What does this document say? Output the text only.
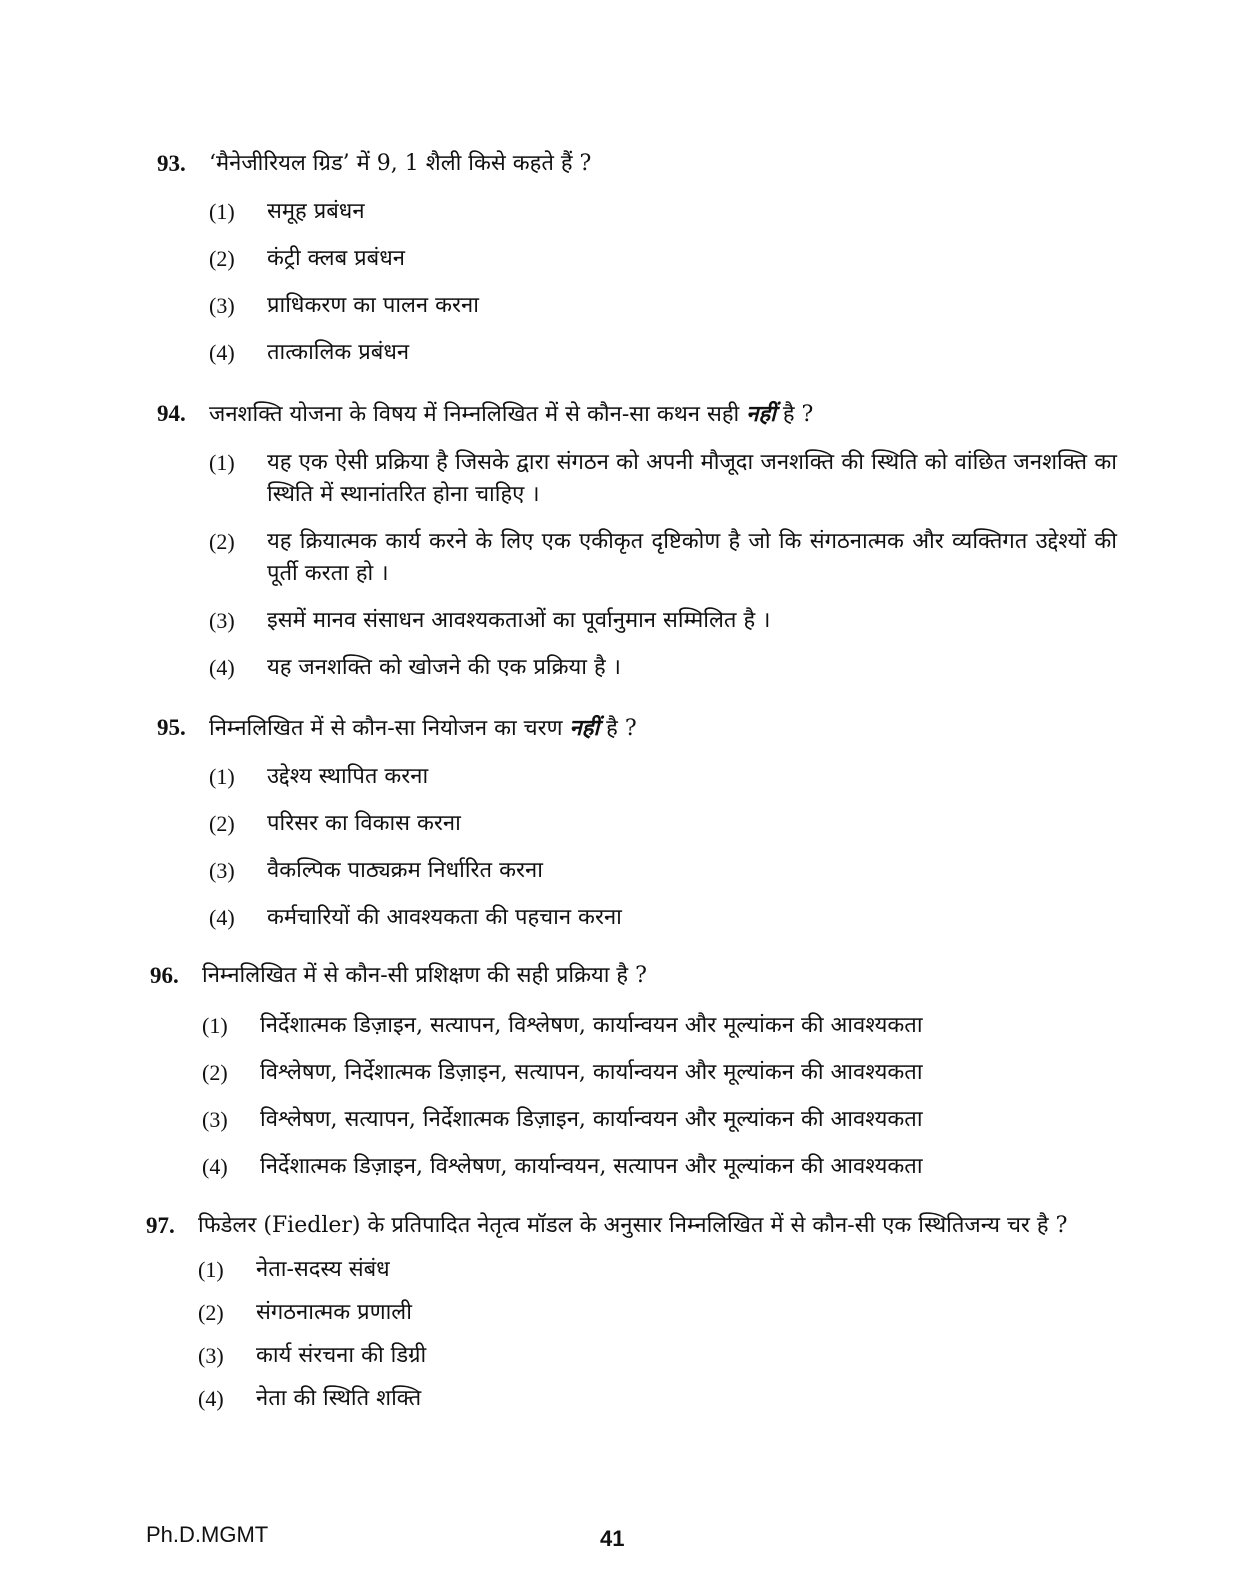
93.	‘मैनेजीरियल ग्रिड’ में 9, 1 शैली किसे कहते हैं ?
(1)	समूह प्रबंधन
(2)	कंट्री क्लब प्रबंधन
(3)	प्राधिकरण का पालन करना
(4)	तात्कालिक प्रबंधन
94.	जनशक्ति योजना के विषय में निम्नलिखित में से कौन-सा कथन सही नहीं है ?
(1)	यह एक ऐसी प्रक्रिया है जिसके द्वारा संगठन को अपनी मौजूदा जनशक्ति की स्थिति को वांछित जनशक्ति का स्थिति में स्थानांतरित होना चाहिए ।
(2)	यह क्रियात्मक कार्य करने के लिए एक एकीकृत दृष्टिकोण है जो कि संगठनात्मक और व्यक्तिगत उद्देश्यों की पूर्ती करता हो ।
(3)	इसमें मानव संसाधन आवश्यकताओं का पूर्वानुमान सम्मिलित है ।
(4)	यह जनशक्ति को खोजने की एक प्रक्रिया है ।
95.	निम्नलिखित में से कौन-सा नियोजन का चरण नहीं है ?
(1)	उद्देश्य स्थापित करना
(2)	परिसर का विकास करना
(3)	वैकल्पिक पाठ्यक्रम निर्धारित करना
(4)	कर्मचारियों की आवश्यकता की पहचान करना
96.	निम्नलिखित में से कौन-सी प्रशिक्षण की सही प्रक्रिया है ?
(1)	निर्देशात्मक डिज़ाइन, सत्यापन, विश्लेषण, कार्यान्वयन और मूल्यांकन की आवश्यकता
(2)	विश्लेषण, निर्देशात्मक डिज़ाइन, सत्यापन, कार्यान्वयन और मूल्यांकन की आवश्यकता
(3)	विश्लेषण, सत्यापन, निर्देशात्मक डिज़ाइन, कार्यान्वयन और मूल्यांकन की आवश्यकता
(4)	निर्देशात्मक डिज़ाइन, विश्लेषण, कार्यान्वयन, सत्यापन और मूल्यांकन की आवश्यकता
97.	फिडेलर (Fiedler) के प्रतिपादित नेतृत्व मॉडल के अनुसार निम्नलिखित में से कौन-सी एक स्थितिजन्य चर है ?
(1)	नेता-सदस्य संबंध
(2)	संगठनात्मक प्रणाली
(3)	कार्य संरचना की डिग्री
(4)	नेता की स्थिति शक्ति
Ph.D.MGMT	41
